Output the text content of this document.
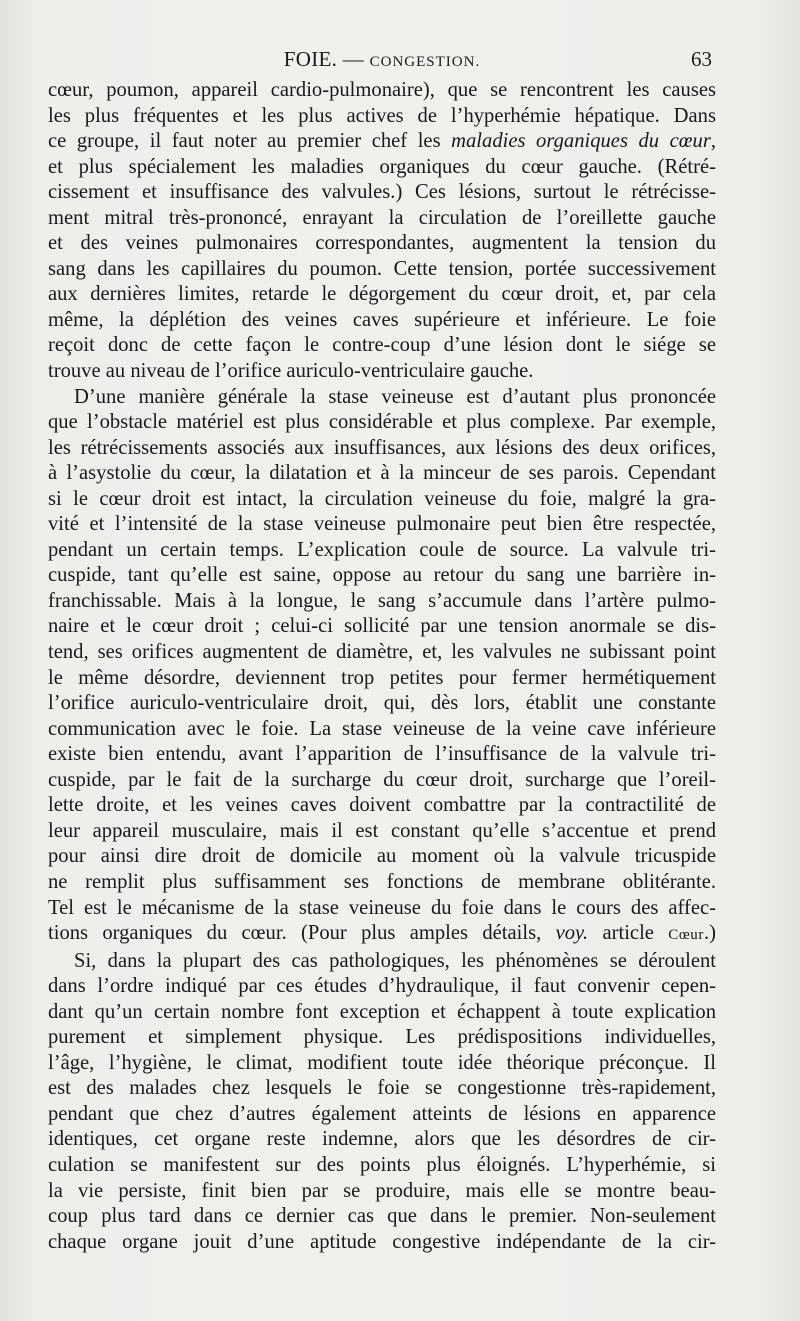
FOIE. — CONGESTION.	63

cœur, poumon, appareil cardio-pulmonaire), que se rencontrent les causes
les plus fréquentes et les plus actives de l’hyperhémie hépatique. Dans
ce groupe, il faut noter au premier chef les maladies organiques du cœur,
et plus spécialement les maladies organiques du cœur gauche. (Rétré-
cissement et insuffisance des valvules.) Ces lésions, surtout le rétrécisse-
ment mitral très-prononcé, enrayant la circulation de l’oreillette gauche
et des veines pulmonaires correspondantes, augmentent la tension du
sang dans les capillaires du poumon. Cette tension, portée successivement
aux dernières limites, retarde le dégorgement du cœur droit, et, par cela
même, la déplétion des veines caves supérieure et inférieure. Le foie
reçoit donc de cette façon le contre-coup d’une lésion dont le siége se
trouve au niveau de l’orifice auriculo-ventriculaire gauche.

D’une manière générale la stase veineuse est d’autant plus prononcée
que l’obstacle matériel est plus considérable et plus complexe. Par exemple,
les rétrécissements associés aux insuffisances, aux lésions des deux orifices,
à l’asystolie du cœur, la dilatation et à la minceur de ses parois. Cependant
si le cœur droit est intact, la circulation veineuse du foie, malgré la gra-
vité et l’intensité de la stase veineuse pulmonaire peut bien être respectée,
pendant un certain temps. L’explication coule de source. La valvule tri-
cuspide, tant qu’elle est saine, oppose au retour du sang une barrière in-
franchissable. Mais à la longue, le sang s’accumule dans l’artère pulmo-
naire et le cœur droit ; celui-ci sollicité par une tension anormale se dis-
tend, ses orifices augmentent de diamètre, et, les valvules ne subissant point
le même désordre, deviennent trop petites pour fermer hermétiquement
l’orifice auriculo-ventriculaire droit, qui, dès lors, établit une constante
communication avec le foie. La stase veineuse de la veine cave inférieure
existe bien entendu, avant l’apparition de l’insuffisance de la valvule tri-
cuspide, par le fait de la surcharge du cœur droit, surcharge que l’oreil-
lette droite, et les veines caves doivent combattre par la contractilité de
leur appareil musculaire, mais il est constant qu’elle s’accentue et prend
pour ainsi dire droit de domicile au moment où la valvule tricuspide
ne remplit plus suffisamment ses fonctions de membrane oblitérante.
Tel est le mécanisme de la stase veineuse du foie dans le cours des affec-
tions organiques du cœur. (Pour plus amples détails, voy. article Cœur.)

Si, dans la plupart des cas pathologiques, les phénomènes se déroulent
dans l’ordre indiqué par ces études d’hydraulique, il faut convenir cepen-
dant qu’un certain nombre font exception et échappent à toute explication
purement et simplement physique. Les prédispositions individuelles,
l’âge, l’hygiène, le climat, modifient toute idée théorique préconçue. Il
est des malades chez lesquels le foie se congestionne très-rapidement,
pendant que chez d’autres également atteints de lésions en apparence
identiques, cet organe reste indemne, alors que les désordres de cir-
culation se manifestent sur des points plus éloignés. L’hyperhémie, si
la vie persiste, finit bien par se produire, mais elle se montre beau-
coup plus tard dans ce dernier cas que dans le premier. Non-seulement
chaque organe jouit d’une aptitude congestive indépendante de la cir-
